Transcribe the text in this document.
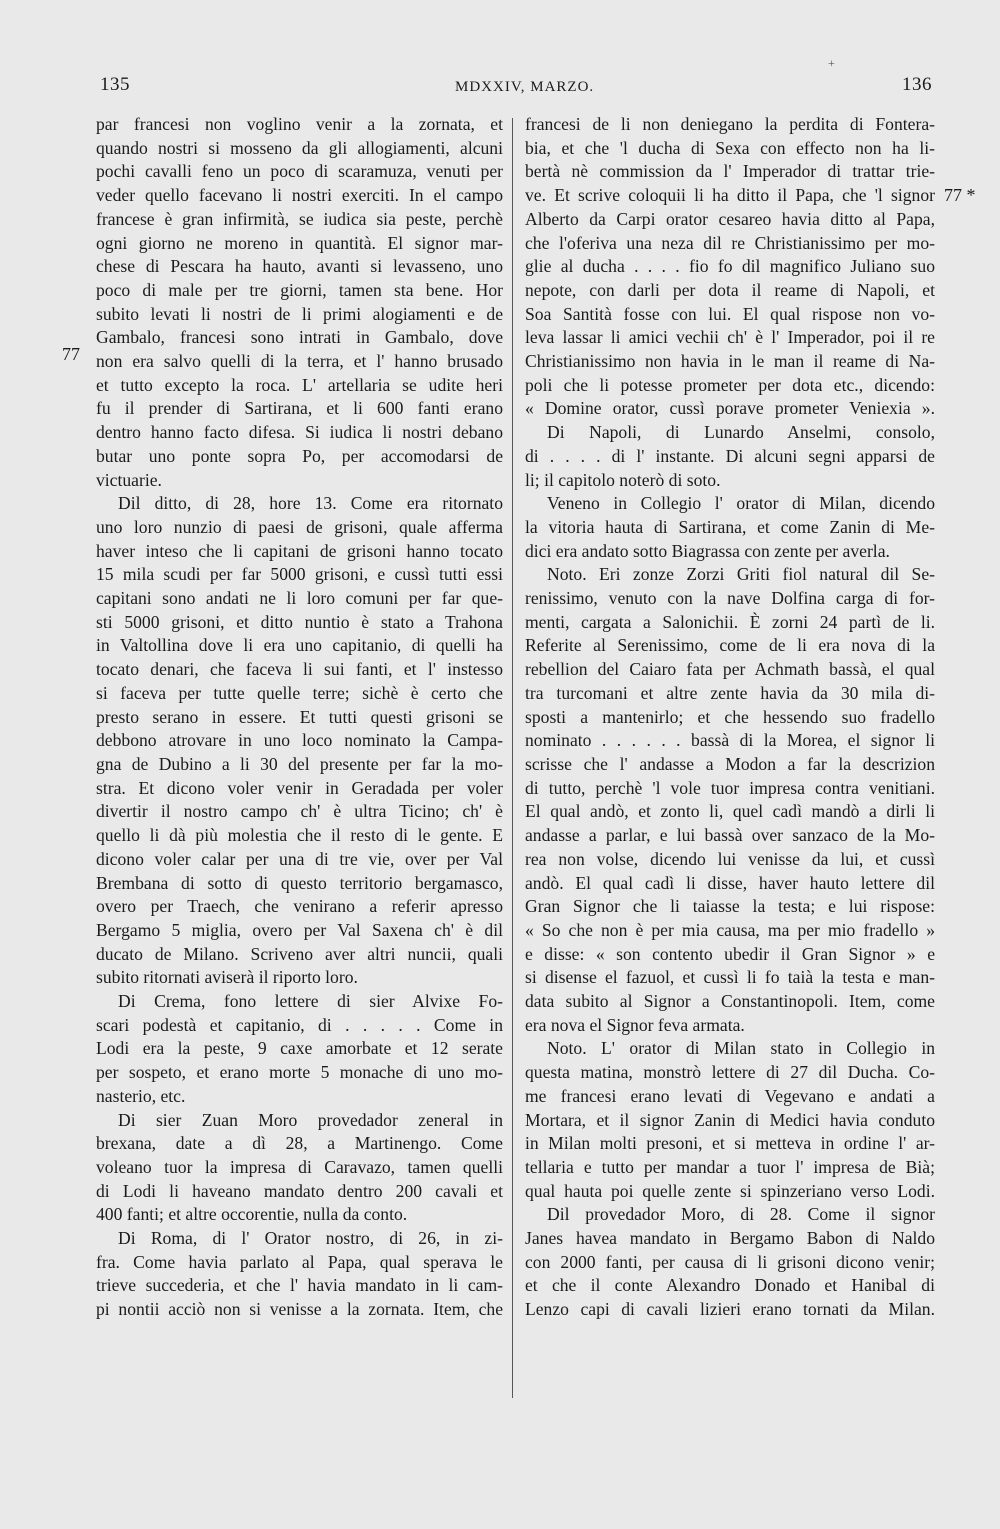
+
135	MDXXIV, MARZO.	136
77
77 *
par francesi non voglino venir a la zornata, et
quando nostri si mosseno da gli allogiamenti, alcuni
pochi cavalli feno un poco di scaramuza, venuti per
veder quello facevano li nostri exerciti. In el campo
francese è gran infirmità, se iudica sia peste, perchè
ogni giorno ne moreno in quantità. El signor mar-
chese di Pescara ha hauto, avanti si levasseno, uno
poco di male per tre giorni, tamen sta bene. Hor
subito levati li nostri de li primi alogiamenti e de
Gambalo, francesi sono intrati in Gambalo, dove
non era salvo quelli di la terra, et l' hanno brusado
et tutto excepto la roca. L' artellaria se udite heri
fu il prender di Sartirana, et li 600 fanti erano
dentro hanno facto difesa. Si iudica li nostri debano
butar uno ponte sopra Po, per accomodarsi de
victuarie.
Dil ditto, di 28, hore 13. Come era ritornato
uno loro nunzio di paesi de grisoni, quale afferma
haver inteso che li capitani de grisoni hanno tocato
15 mila scudi per far 5000 grisoni, e cussì tutti essi
capitani sono andati ne li loro comuni per far que-
sti 5000 grisoni, et ditto nuntio è stato a Trahona
in Valtollina dove li era uno capitanio, di quelli ha
tocato denari, che faceva li sui fanti, et l' instesso
si faceva per tutte quelle terre; sichè è certo che
presto serano in essere. Et tutti questi grisoni se
debbono atrovare in uno loco nominato la Campa-
gna de Dubino a li 30 del presente per far la mo-
stra. Et dicono voler venir in Geradada per voler
divertir il nostro campo ch' è ultra Ticino; ch' è
quello li dà più molestia che il resto di le gente. E
dicono voler calar per una di tre vie, over per Val
Brembana di sotto di questo territorio bergamasco,
overo per Traech, che venirano a referir apresso
Bergamo 5 miglia, overo per Val Saxena ch' è dil
ducato de Milano. Scriveno aver altri nuncii, quali
subito ritornati aviserà il riporto loro.
Di Crema, fono lettere di sier Alvixe Fo-
scari podestà et capitanio, di . . . . . Come in
Lodi era la peste, 9 caxe amorbate et 12 serate
per sospeto, et erano morte 5 monache di uno mo-
nasterio, etc.
Di sier Zuan Moro provedador zeneral in
brexana, date a dì 28, a Martinengo. Come
voleano tuor la impresa di Caravazo, tamen quelli
di Lodi li haveano mandato dentro 200 cavali et
400 fanti; et altre occorentie, nulla da conto.
Di Roma, di l' Orator nostro, di 26, in zi-
fra. Come havia parlato al Papa, qual sperava le
trieve succederia, et che l' havia mandato in li cam-
pi nontii acciò non si venisse a la zornata. Item, che
francesi de li non deniegano la perdita di Fontera-
bia, et che 'l ducha di Sexa con effecto non ha li-
bertà nè commission da l' Imperador di trattar trie-
ve. Et scrive coloquii li ha ditto il Papa, che 'l signor
Alberto da Carpi orator cesareo havia ditto al Papa,
che l'oferiva una neza dil re Christianissimo per mo-
glie al ducha . . . . fio fo dil magnifico Juliano suo
nepote, con darli per dota il reame di Napoli, et
Soa Santità fosse con lui. El qual rispose non vo-
leva lassar li amici vechii ch' è l' Imperador, poi il re
Christianissimo non havia in le man il reame di Na-
poli che li potesse prometer per dota etc., dicendo:
« Domine orator, cussì porave prometer Veniexia ».
Di Napoli, di Lunardo Anselmi, consolo,
di . . . . di l' instante. Di alcuni segni apparsi de
li; il capitolo noterò di soto.
Veneno in Collegio l' orator di Milan, dicendo
la vitoria hauta di Sartirana, et come Zanin di Me-
dici era andato sotto Biagrassa con zente per averla.
Noto. Eri zonze Zorzi Griti fiol natural dil Se-
renissimo, venuto con la nave Dolfina carga di for-
menti, cargata a Salonichii. È zorni 24 partì de li.
Referite al Serenissimo, come de li era nova di la
rebellion del Caiaro fata per Achmath bassà, el qual
tra turcomani et altre zente havia da 30 mila di-
sposti a mantenirlo; et che hessendo suo fradello
nominato . . . . . . bassà di la Morea, el signor li
scrisse che l' andasse a Modon a far la descrizion
di tutto, perchè 'l vole tuor impresa contra venitiani.
El qual andò, et zonto li, quel cadì mandò a dirli li
andasse a parlar, e lui bassà over sanzaco de la Mo-
rea non volse, dicendo lui venisse da lui, et cussì
andò. El qual cadì li disse, haver hauto lettere dil
Gran Signor che li taiasse la testa; e lui rispose:
« So che non è per mia causa, ma per mio fradello »
e disse: « son contento ubedir il Gran Signor » e
si disense el fazuol, et cussì li fo taià la testa e man-
data subito al Signor a Constantinopoli. Item, come
era nova el Signor feva armata.
Noto. L' orator di Milan stato in Collegio in
questa matina, monstrò lettere di 27 dil Ducha. Co-
me francesi erano levati di Vegevano e andati a
Mortara, et il signor Zanin di Medici havia conduto
in Milan molti presoni, et si metteva in ordine l' ar-
tellaria e tutto per mandar a tuor l' impresa de Bià;
qual hauta poi quelle zente si spinzeriano verso Lodi.
Dil provedador Moro, di 28. Come il signor
Janes havea mandato in Bergamo Babon di Naldo
con 2000 fanti, per causa di li grisoni dicono venir;
et che il conte Alexandro Donado et Hanibal di
Lenzo capi di cavali lizieri erano tornati da Milan.
